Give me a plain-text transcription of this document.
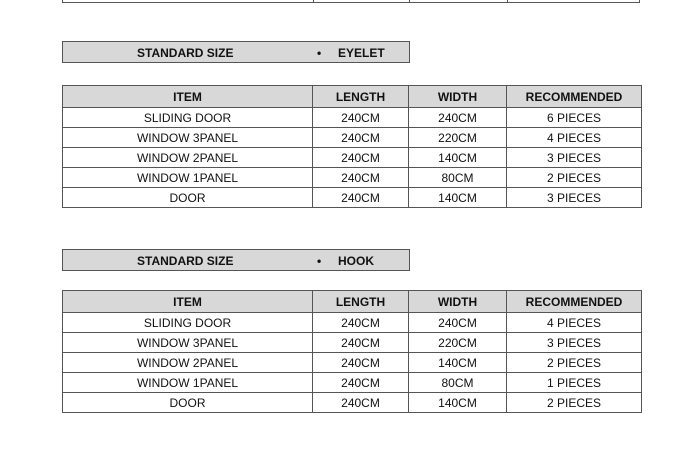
STANDARD SIZE	• EYELET
ITEM	LENGTH	WIDTH	RECOMMENDED
SLIDING DOOR	240CM	240CM	6 PIECES
WINDOW 3PANEL	240CM	220CM	4 PIECES
WINDOW 2PANEL	240CM	140CM	3 PIECES
WINDOW 1PANEL	240CM	80CM	2 PIECES
DOOR	240CM	140CM	3 PIECES
STANDARD SIZE	• HOOK
ITEM	LENGTH	WIDTH	RECOMMENDED
SLIDING DOOR	240CM	240CM	4 PIECES
WINDOW 3PANEL	240CM	220CM	3 PIECES
WINDOW 2PANEL	240CM	140CM	2 PIECES
WINDOW 1PANEL	240CM	80CM	1 PIECES
DOOR	240CM	140CM	2 PIECES
